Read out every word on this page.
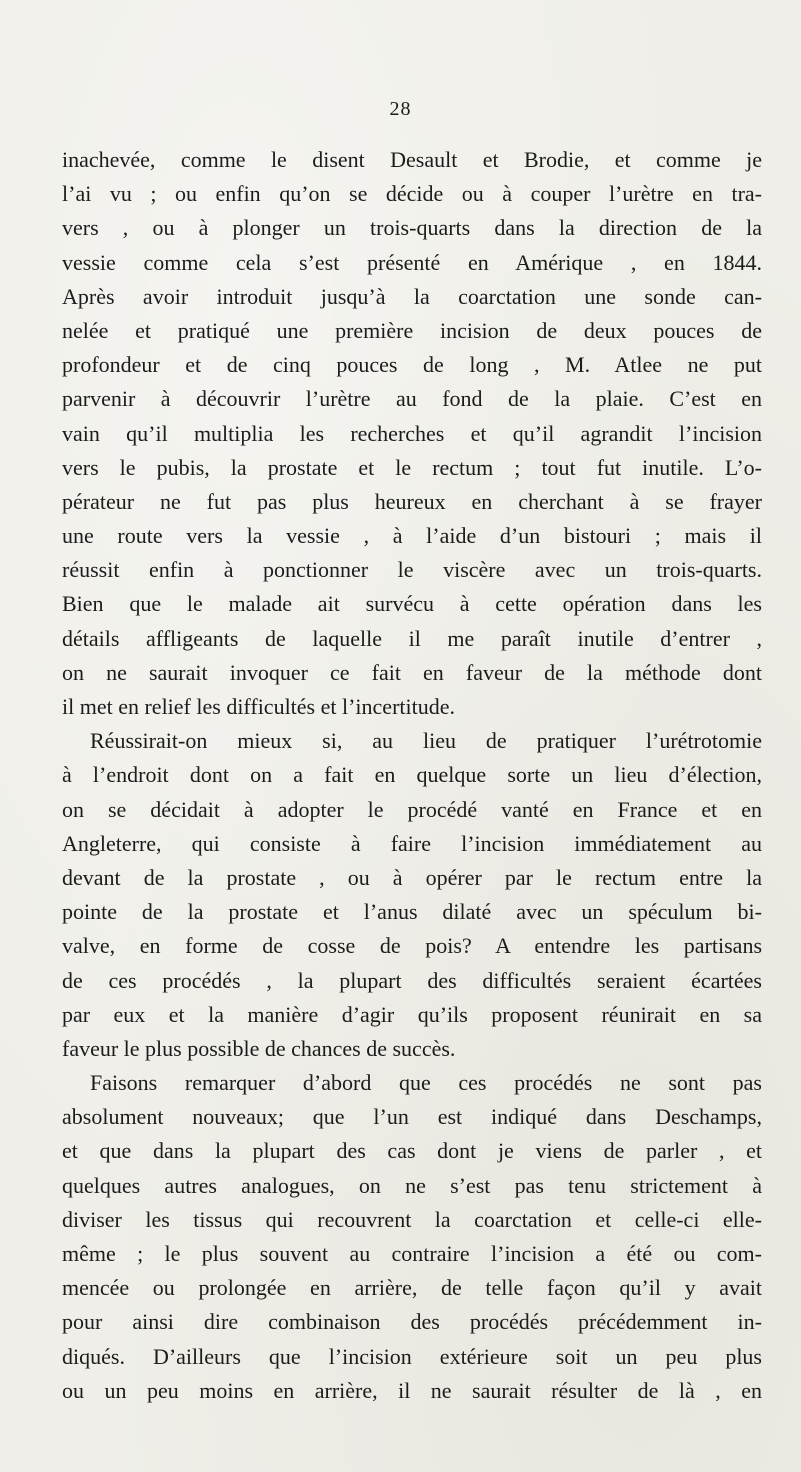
28
inachevée, comme le disent Desault et Brodie, et comme je
l’ai vu ; ou enfin qu’on se décide ou à couper l’urètre en tra-
vers , ou à plonger un trois-quarts dans la direction de la
vessie comme cela s’est présenté en Amérique , en 1844.
Après avoir introduit jusqu’à la coarctation une sonde can-
nelée et pratiqué une première incision de deux pouces de
profondeur et de cinq pouces de long , M. Atlee ne put
parvenir à découvrir l’urètre au fond de la plaie. C’est en
vain qu’il multiplia les recherches et qu’il agrandit l’incision
vers le pubis, la prostate et le rectum ; tout fut inutile. L’o-
pérateur ne fut pas plus heureux en cherchant à se frayer
une route vers la vessie , à l’aide d’un bistouri ; mais il
réussit enfin à ponctionner le viscère avec un trois-quarts.
Bien que le malade ait survécu à cette opération dans les
détails affligeants de laquelle il me paraît inutile d’entrer ,
on ne saurait invoquer ce fait en faveur de la méthode dont
il met en relief les difficultés et l’incertitude.
Réussirait-on mieux si, au lieu de pratiquer l’urétrotomie
à l’endroit dont on a fait en quelque sorte un lieu d’élection,
on se décidait à adopter le procédé vanté en France et en
Angleterre, qui consiste à faire l’incision immédiatement au
devant de la prostate , ou à opérer par le rectum entre la
pointe de la prostate et l’anus dilaté avec un spéculum bi-
valve, en forme de cosse de pois? A entendre les partisans
de ces procédés , la plupart des difficultés seraient écartées
par eux et la manière d’agir qu’ils proposent réunirait en sa
faveur le plus possible de chances de succès.
Faisons remarquer d’abord que ces procédés ne sont pas
absolument nouveaux; que l’un est indiqué dans Deschamps,
et que dans la plupart des cas dont je viens de parler , et
quelques autres analogues, on ne s’est pas tenu strictement à
diviser les tissus qui recouvrent la coarctation et celle-ci elle-
même ; le plus souvent au contraire l’incision a été ou com-
mencée ou prolongée en arrière, de telle façon qu’il y avait
pour ainsi dire combinaison des procédés précédemment in-
diqués. D’ailleurs que l’incision extérieure soit un peu plus
ou un peu moins en arrière, il ne saurait résulter de là , en
